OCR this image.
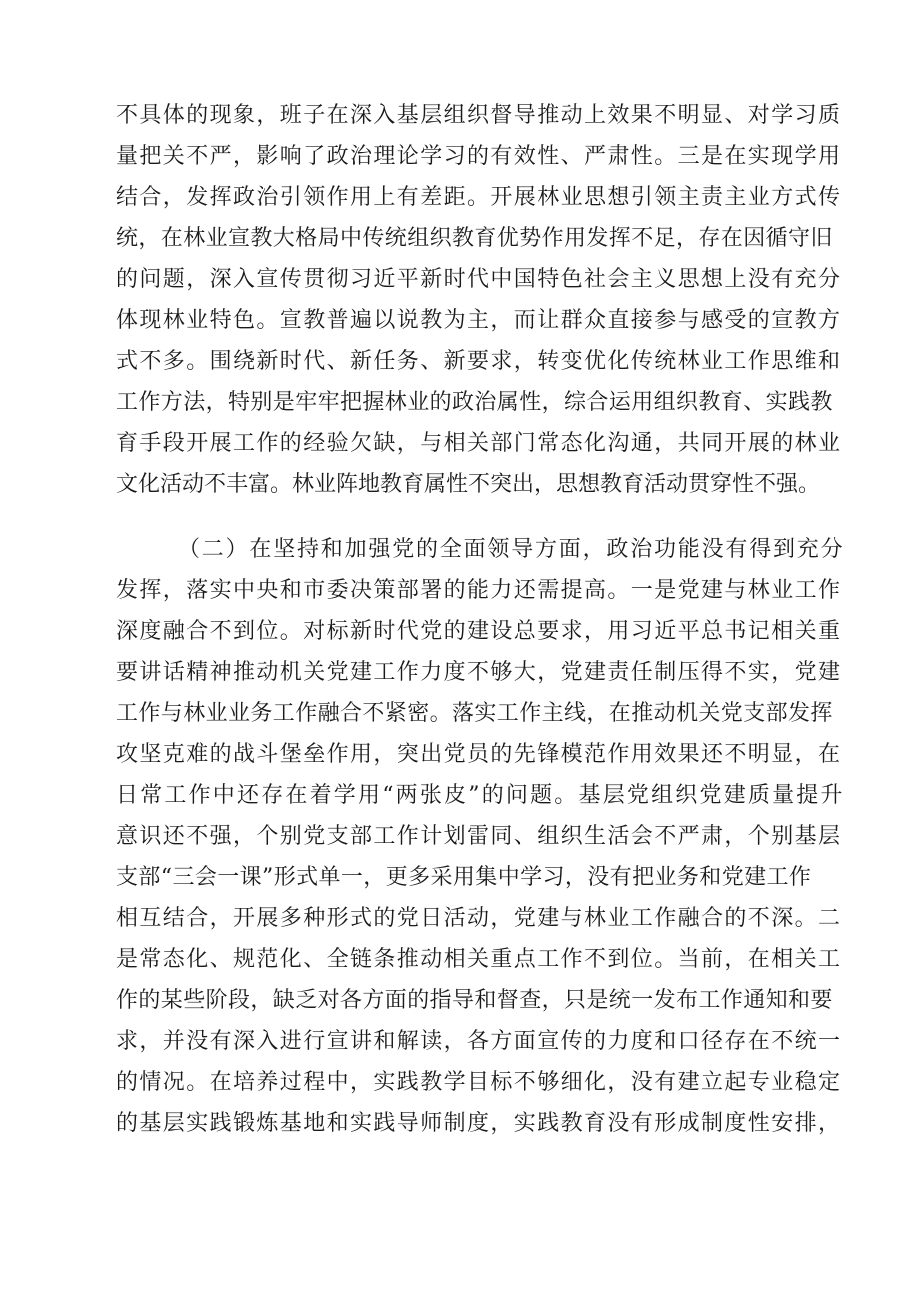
不具体的现象，班子在深入基层组织督导推动上效果不明显、对学习质
量把关不严，影响了政治理论学习的有效性、严肃性。三是在实现学用
结合，发挥政治引领作用上有差距。开展林业思想引领主责主业方式传
统，在林业宣教大格局中传统组织教育优势作用发挥不足，存在因循守旧
的问题，深入宣传贯彻习近平新时代中国特色社会主义思想上没有充分
体现林业特色。宣教普遍以说教为主，而让群众直接参与感受的宣教方
式不多。围绕新时代、新任务、新要求，转变优化传统林业工作思维和
工作方法，特别是牢牢把握林业的政治属性，综合运用组织教育、实践教
育手段开展工作的经验欠缺，与相关部门常态化沟通，共同开展的林业
文化活动不丰富。林业阵地教育属性不突出，思想教育活动贯穿性不强。
（二）在坚持和加强党的全面领导方面，政治功能没有得到充分
发挥，落实中央和市委决策部署的能力还需提高。一是党建与林业工作
深度融合不到位。对标新时代党的建设总要求，用习近平总书记相关重
要讲话精神推动机关党建工作力度不够大，党建责任制压得不实，党建
工作与林业业务工作融合不紧密。落实工作主线，在推动机关党支部发挥
攻坚克难的战斗堡垒作用，突出党员的先锋模范作用效果还不明显，在
日常工作中还存在着学用“两张皮”的问题。基层党组织党建质量提升
意识还不强，个别党支部工作计划雷同、组织生活会不严肃，个别基层
支部“三会一课”形式单一，更多采用集中学习，没有把业务和党建工作
相互结合，开展多种形式的党日活动，党建与林业工作融合的不深。二
是常态化、规范化、全链条推动相关重点工作不到位。当前，在相关工
作的某些阶段，缺乏对各方面的指导和督查，只是统一发布工作通知和要
求，并没有深入进行宣讲和解读，各方面宣传的力度和口径存在不统一
的情况。在培养过程中，实践教学目标不够细化，没有建立起专业稳定
的基层实践锻炼基地和实践导师制度，实践教育没有形成制度性安排，
